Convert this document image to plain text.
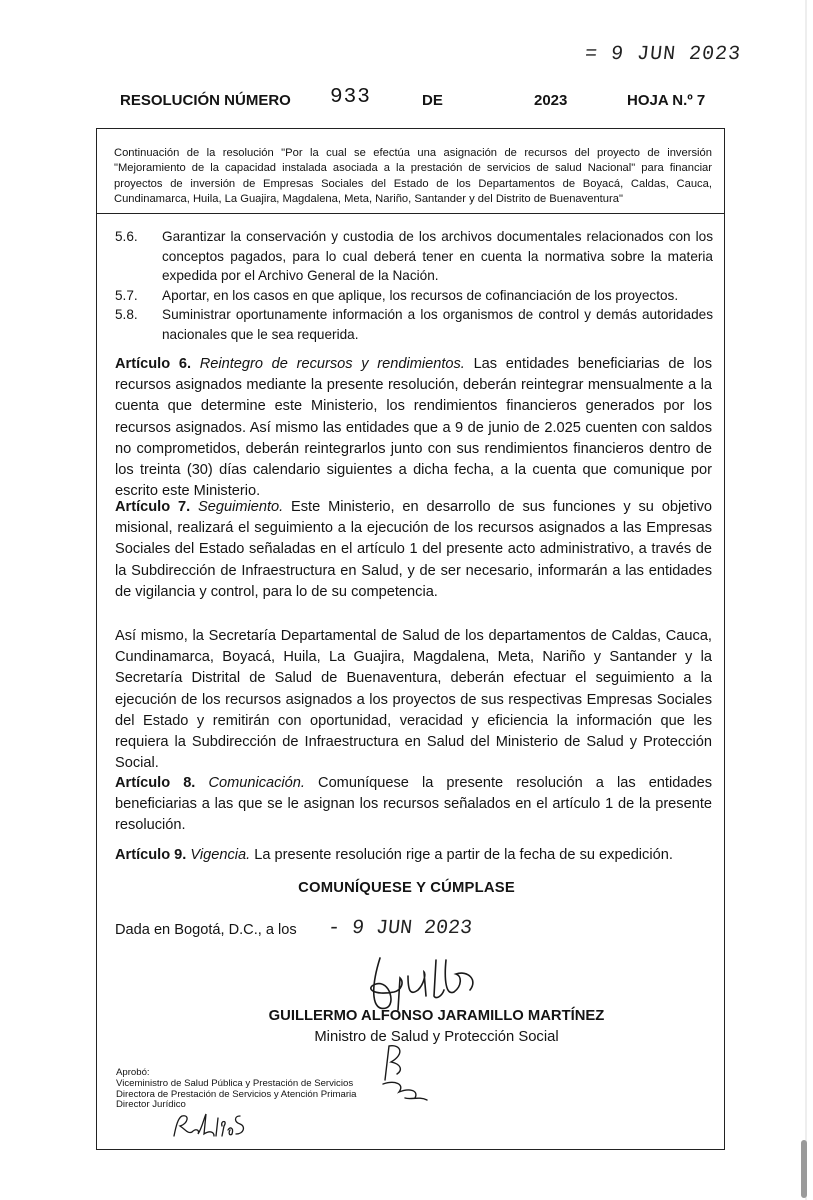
= 9 JUN 2023
RESOLUCIÓN NÚMERO 933	DE	2023	HOJA N.º 7
Continuación de la resolución "Por la cual se efectúa una asignación de recursos del proyecto de inversión "Mejoramiento de la capacidad instalada asociada a la prestación de servicios de salud Nacional" para financiar proyectos de inversión de Empresas Sociales del Estado de los Departamentos de Boyacá, Caldas, Cauca, Cundinamarca, Huila, La Guajira, Magdalena, Meta, Nariño, Santander y del Distrito de Buenaventura"
5.6.	Garantizar la conservación y custodia de los archivos documentales relacionados con los conceptos pagados, para lo cual deberá tener en cuenta la normativa sobre la materia expedida por el Archivo General de la Nación.
5.7.	Aportar, en los casos en que aplique, los recursos de cofinanciación de los proyectos.
5.8.	Suministrar oportunamente información a los organismos de control y demás autoridades nacionales que le sea requerida.
Artículo 6. Reintegro de recursos y rendimientos. Las entidades beneficiarias de los recursos asignados mediante la presente resolución, deberán reintegrar mensualmente a la cuenta que determine este Ministerio, los rendimientos financieros generados por los recursos asignados. Así mismo las entidades que a 9 de junio de 2.025 cuenten con saldos no comprometidos, deberán reintegrarlos junto con sus rendimientos financieros dentro de los treinta (30) días calendario siguientes a dicha fecha, a la cuenta que comunique por escrito este Ministerio.
Artículo 7. Seguimiento. Este Ministerio, en desarrollo de sus funciones y su objetivo misional, realizará el seguimiento a la ejecución de los recursos asignados a las Empresas Sociales del Estado señaladas en el artículo 1 del presente acto administrativo, a través de la Subdirección de Infraestructura en Salud, y de ser necesario, informarán a las entidades de vigilancia y control, para lo de su competencia.
Así mismo, la Secretaría Departamental de Salud de los departamentos de Caldas, Cauca, Cundinamarca, Boyacá, Huila, La Guajira, Magdalena, Meta, Nariño y Santander y la Secretaría Distrital de Salud de Buenaventura, deberán efectuar el seguimiento a la ejecución de los recursos asignados a los proyectos de sus respectivas Empresas Sociales del Estado y remitirán con oportunidad, veracidad y eficiencia la información que les requiera la Subdirección de Infraestructura en Salud del Ministerio de Salud y Protección Social.
Artículo 8. Comunicación. Comuníquese la presente resolución a las entidades beneficiarias a las que se le asignan los recursos señalados en el artículo 1 de la presente resolución.
Artículo 9. Vigencia. La presente resolución rige a partir de la fecha de su expedición.
COMUNÍQUESE Y CÚMPLASE
Dada en Bogotá, D.C., a los - 9 JUN 2023
GUILLERMO ALFONSO JARAMILLO MARTÍNEZ
Ministro de Salud y Protección Social
Aprobó:
Viceministro de Salud Pública y Prestación de Servicios
Directora de Prestación de Servicios y Atención Primaria
Director Jurídico
